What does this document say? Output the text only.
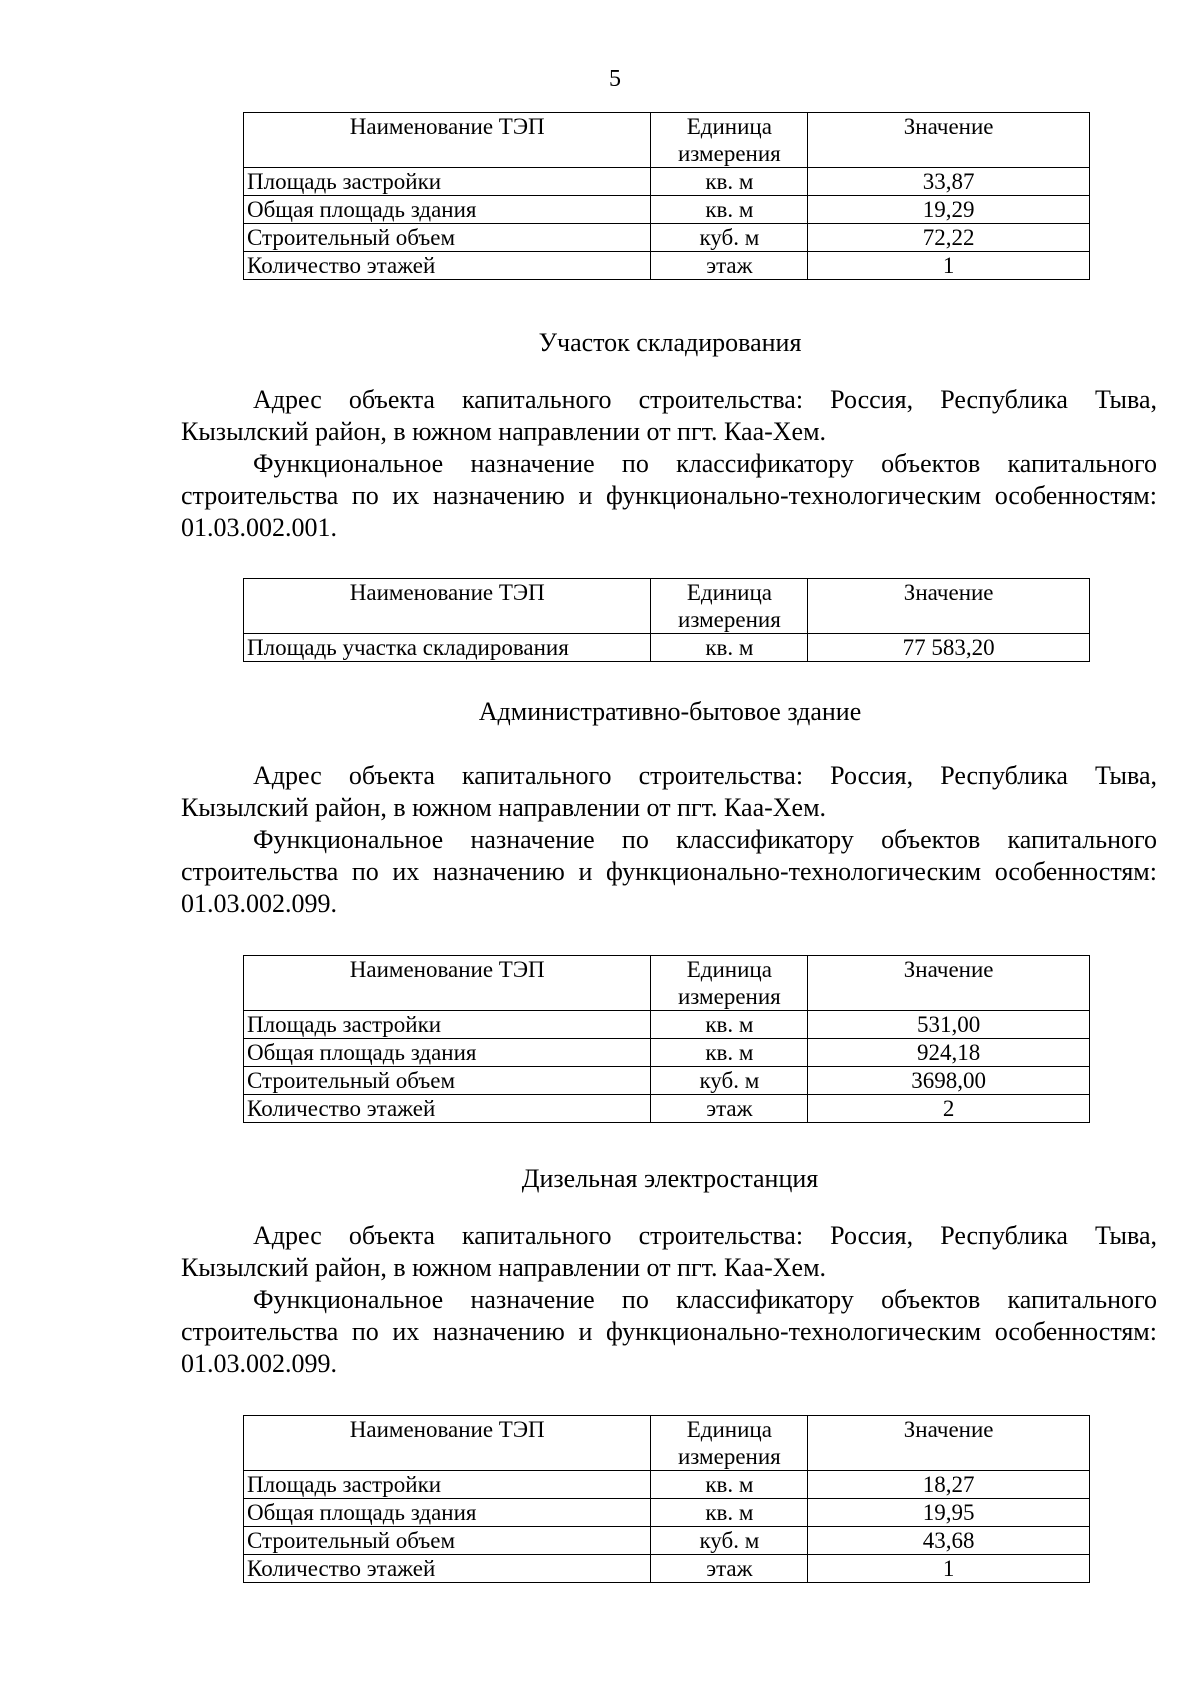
5
Наименование ТЭП	Единица измерения	Значение
Площадь застройки	кв. м	33,87
Общая площадь здания	кв. м	19,29
Строительный объем	куб. м	72,22
Количество этажей	этаж	1
Участок складирования

Адрес объекта капитального строительства: Россия, Республика Тыва, Кызылский район, в южном направлении от пгт. Каа-Хем.

Функциональное назначение по классификатору объектов капитального строительства по их назначению и функционально-технологическим особенностям: 01.03.002.001.

Наименование ТЭП	Единица измерения	Значение
Площадь участка складирования	кв. м	77 583,20
Административно-бытовое здание

Адрес объекта капитального строительства: Россия, Республика Тыва, Кызылский район, в южном направлении от пгт. Каа-Хем.

Функциональное назначение по классификатору объектов капитального строительства по их назначению и функционально-технологическим особенностям: 01.03.002.099.

Наименование ТЭП	Единица измерения	Значение
Площадь застройки	кв. м	531,00
Общая площадь здания	кв. м	924,18
Строительный объем	куб. м	3698,00
Количество этажей	этаж	2
Дизельная электростанция

Адрес объекта капитального строительства: Россия, Республика Тыва, Кызылский район, в южном направлении от пгт. Каа-Хем.

Функциональное назначение по классификатору объектов капитального строительства по их назначению и функционально-технологическим особенностям: 01.03.002.099.

Наименование ТЭП	Единица измерения	Значение
Площадь застройки	кв. м	18,27
Общая площадь здания	кв. м	19,95
Строительный объем	куб. м	43,68
Количество этажей	этаж	1
